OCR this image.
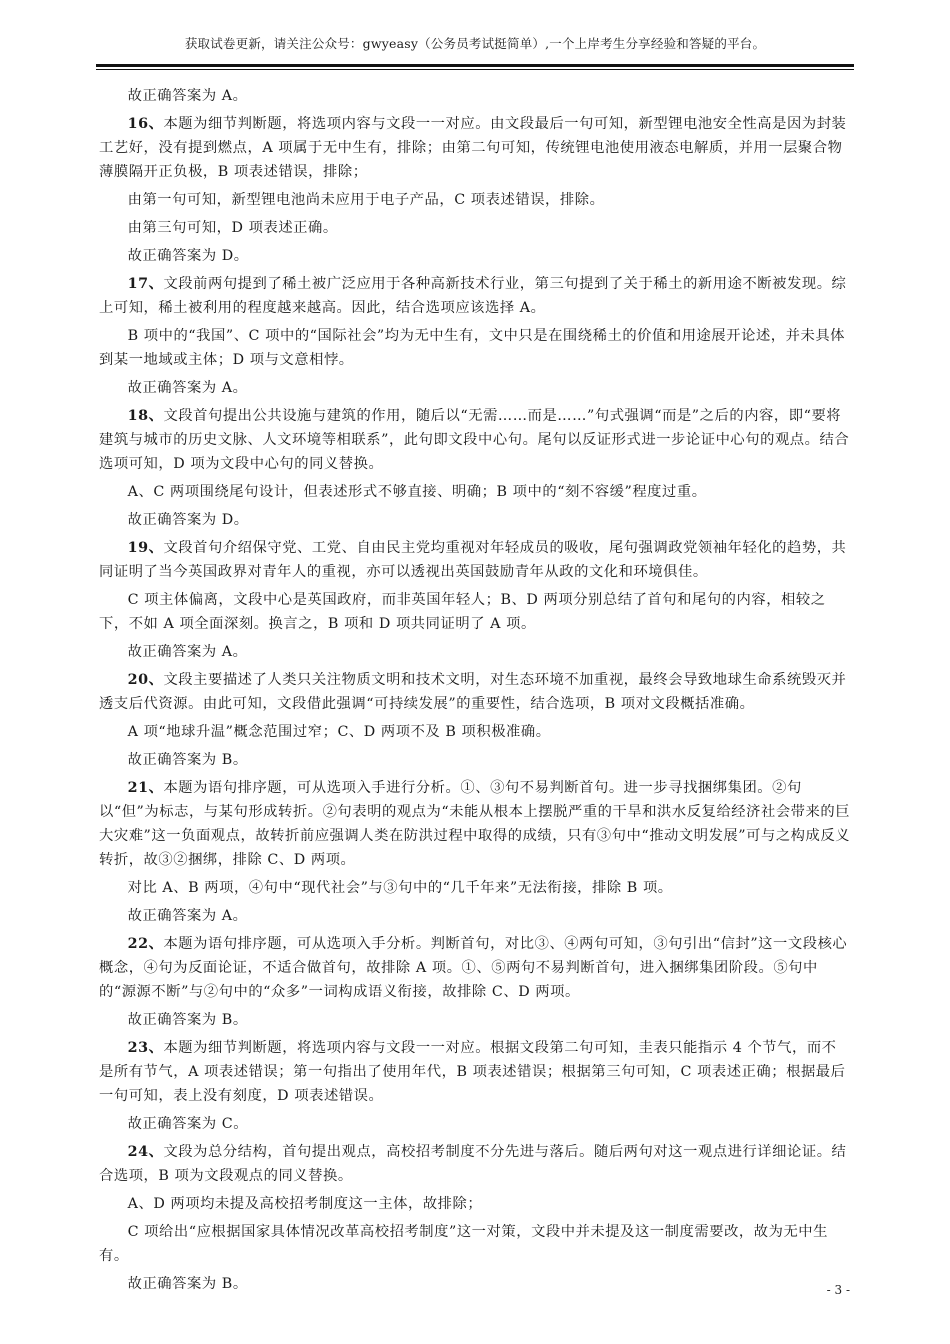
获取试卷更新，请关注公众号：gwyeasy（公务员考试挺简单）,一个上岸考生分享经验和答疑的平台。

故正确答案为 A。

16、本题为细节判断题，将选项内容与文段一一对应。由文段最后一句可知，新型锂电池安全性高是因为封装工艺好，没有提到燃点，A 项属于无中生有，排除；由第二句可知，传统锂电池使用液态电解质，并用一层聚合物薄膜隔开正负极，B 项表述错误，排除；

由第一句可知，新型锂电池尚未应用于电子产品，C 项表述错误，排除。

由第三句可知，D 项表述正确。

故正确答案为 D。

17、文段前两句提到了稀土被广泛应用于各种高新技术行业，第三句提到了关于稀土的新用途不断被发现。综上可知，稀土被利用的程度越来越高。因此，结合选项应该选择 A。

B 项中的“我国”、C 项中的“国际社会”均为无中生有，文中只是在围绕稀土的价值和用途展开论述，并未具体到某一地域或主体；D 项与文意相悖。

故正确答案为 A。

18、文段首句提出公共设施与建筑的作用，随后以“无需……而是……”句式强调“而是”之后的内容，即“要将建筑与城市的历史文脉、人文环境等相联系”，此句即文段中心句。尾句以反证形式进一步论证中心句的观点。结合选项可知，D 项为文段中心句的同义替换。

A、C 两项围绕尾句设计，但表述形式不够直接、明确；B 项中的“刻不容缓”程度过重。

故正确答案为 D。

19、文段首句介绍保守党、工党、自由民主党均重视对年轻成员的吸收，尾句强调政党领袖年轻化的趋势，共同证明了当今英国政界对青年人的重视，亦可以透视出英国鼓励青年从政的文化和环境俱佳。

C 项主体偏离，文段中心是英国政府，而非英国年轻人；B、D 两项分别总结了首句和尾句的内容，相较之下，不如 A 项全面深刻。换言之，B 项和 D 项共同证明了 A 项。

故正确答案为 A。

20、文段主要描述了人类只关注物质文明和技术文明，对生态环境不加重视，最终会导致地球生命系统毁灭并透支后代资源。由此可知，文段借此强调“可持续发展”的重要性，结合选项，B 项对文段概括准确。

A 项“地球升温”概念范围过窄；C、D 两项不及 B 项积极准确。

故正确答案为 B。

21、本题为语句排序题，可从选项入手进行分析。①、③句不易判断首句。进一步寻找捆绑集团。②句以“但”为标志，与某句形成转折。②句表明的观点为“未能从根本上摆脱严重的干旱和洪水反复给经济社会带来的巨大灾难”这一负面观点，故转折前应强调人类在防洪过程中取得的成绩，只有③句中“推动文明发展”可与之构成反义转折，故③②捆绑，排除 C、D 两项。

对比 A、B 两项，④句中“现代社会”与③句中的“几千年来”无法衔接，排除 B 项。

故正确答案为 A。

22、本题为语句排序题，可从选项入手分析。判断首句，对比③、④两句可知，③句引出“信封”这一文段核心概念，④句为反面论证，不适合做首句，故排除 A 项。①、⑤两句不易判断首句，进入捆绑集团阶段。⑤句中的“源源不断”与②句中的“众多”一词构成语义衔接，故排除 C、D 两项。

故正确答案为 B。

23、本题为细节判断题，将选项内容与文段一一对应。根据文段第二句可知，圭表只能指示 4 个节气，而不是所有节气，A 项表述错误；第一句指出了使用年代，B 项表述错误；根据第三句可知，C 项表述正确；根据最后一句可知，表上没有刻度，D 项表述错误。

故正确答案为 C。

24、文段为总分结构，首句提出观点，高校招考制度不分先进与落后。随后两句对这一观点进行详细论证。结合选项，B 项为文段观点的同义替换。

A、D 两项均未提及高校招考制度这一主体，故排除；

C 项给出“应根据国家具体情况改革高校招考制度”这一对策，文段中并未提及这一制度需要改，故为无中生有。

故正确答案为 B。	- 3 -
